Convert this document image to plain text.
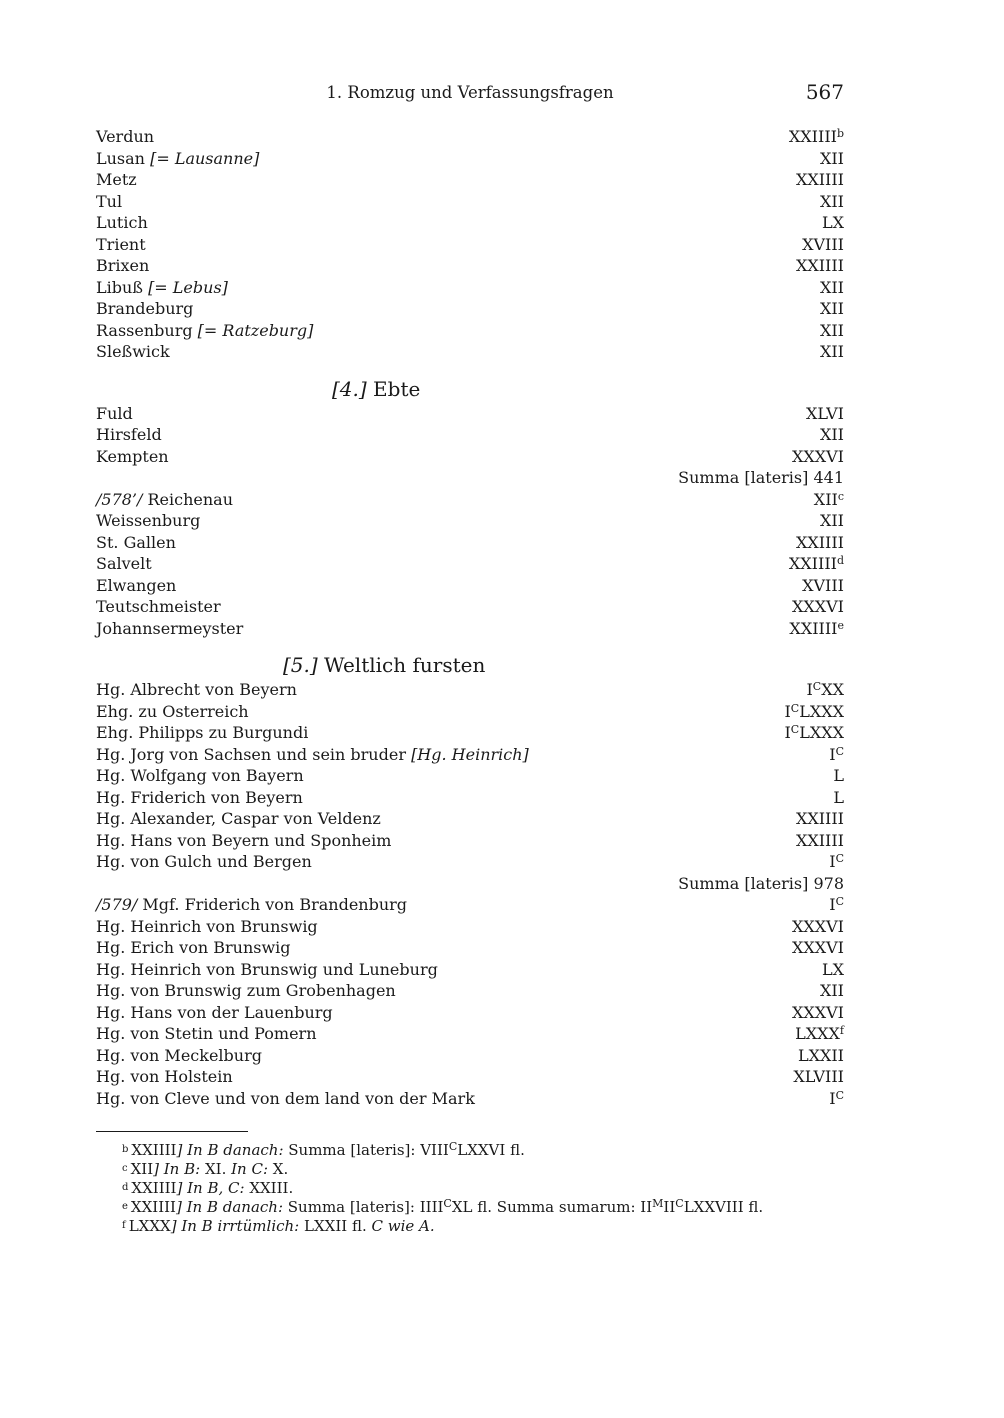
1. Romzug und Verfassungsfragen	567
Verdun	XXIIII$^b$
Lusan [= Lausanne]	XII
Metz	XXIIII
Tul	XII
Lutich	LX
Trient	XVIII
Brixen	XXIIII
Libuß [= Lebus]	XII
Brandeburg	XII
Rassenburg [= Ratzeburg]	XII
Sleßwick	XII
[4.] Ebte
Fuld	XLVI
Hirsfeld	XII
Kempten	XXXVI
Summa [lateris] 441
/578’/ Reichenau	XII$^c$
Weissenburg	XII
St. Gallen	XXIIII
Salvelt	XXIIII$^d$
Elwangen	XVIII
Teutschmeister	XXXVI
Johannsermeyster	XXIIIIe
[5.] Weltlich fursten
Hg. Albrecht von Beyern	$I^CXX$
Ehg. zu Osterreich	$I^CLXXX$
Ehg. Philipps zu Burgundi	$I^CLXXX$
Hg. Jorg von Sachsen und sein bruder [Hg. Heinrich]	$I^C$
Hg. Wolfgang von Bayern	L
Hg. Friderich von Beyern	L
Hg. Alexander, Caspar von Veldenz	XXIIII
Hg. Hans von Beyern und Sponheim	XXIIII
Hg. von Gulch und Bergen	$I^C$
Summa [lateris] 978
/579/ Mgf. Friderich von Brandenburg	$I^C$
Hg. Heinrich von Brunswig	XXXVI
Hg. Erich von Brunswig	XXXVI
Hg. Heinrich von Brunswig und Luneburg	LX
Hg. von Brunswig zum Grobenhagen	XII
Hg. Hans von der Lauenburg	XXXVI
Hg. von Stetin und Pomern	LXXX$^f$
Hg. von Meckelburg	LXXII
Hg. von Holstein	XLVIII
Hg. von Cleve und von dem land von der Mark	$I^C$
$^b$ XXIIII] In B danach: Summa [lateris]: $VIII^CLXXVI$ fl.
$^c$ XII] In B: XI. In C: X.
$^d$ XXIIII] In B, C: XXIII.
$^e$ XXIIII] In B danach: Summa [lateris]: $IIII^CXL$ fl. Summa sumarum: $II^MII^CLXXVIII$ fl.
$^f$ LXXX] In B irrtümlich: LXXII fl. C wie A.
